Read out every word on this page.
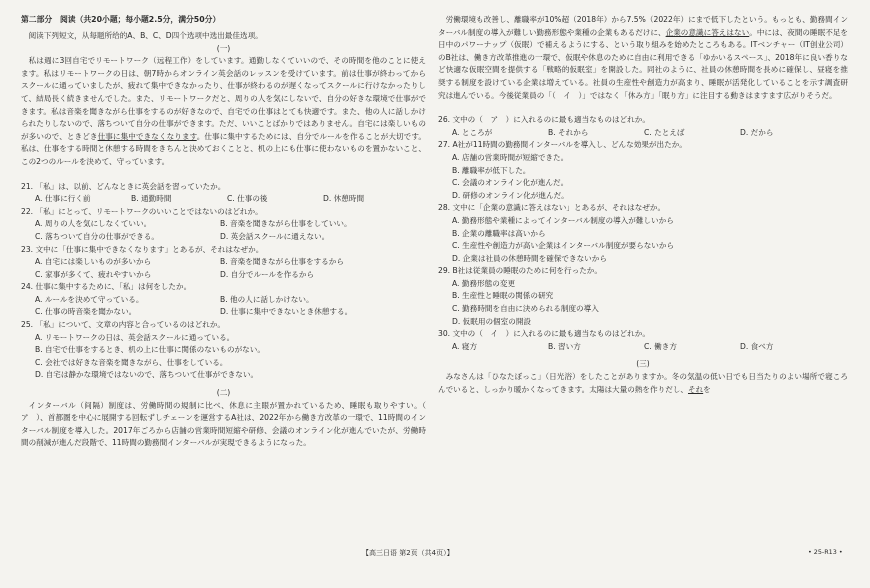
第二部分　阅读（共20小题；每小题2.5分，满分50分）

阅读下列短文，从每题所给的A、B、C、D四个选项中选出最佳选项。

(一)

私は週に3回自宅でリモートワーク（远程工作）をしています。通勤しなくていいので、その時間を他のことに使えます。私はリモートワークの日は、朝7時からオンライン英会話のレッスンを受けています。前は仕事が終わってからスクールに通っていましたが、疲れて集中できなかったり、仕事が終わるのが遅くなってスクールに行けなかったりして、結局長く続きませんでした。また、リモートワークだと、周りの人を気にしないで、自分の好きな環境で仕事ができます。私は音楽を聞きながら仕事をするのが好きなので、自宅での仕事はとても快適です。また、他の人に話しかけられたりしないので、落ちついて自分の仕事ができます。ただ、いいことばかりではありません。自宅には楽しいものが多いので、ときどき仕事に集中できなくなります。仕事に集中するためには、自分でルールを作ることが大切です。私は、仕事をする時間と休憩する時間をきちんと決めておくことと、机の上にも仕事に使わないものを置かないこと、この2つのルールを決めて、守っています。

21. 「私」は、以前、どんなときに英会話を習っていたか。

A. 仕事に行く前	B. 通勤時間	C. 仕事の後	D. 休憩時間

22. 「私」にとって、リモートワークのいいことではないのはどれか。

A. 周りの人を気にしなくていい。	B. 音楽を聞きながら仕事をしていい。
C. 落ちついて自分の仕事ができる。	D. 英会話スクールに通えない。

23. 文中に「仕事に集中できなくなります」とあるが、それはなぜか。

A. 自宅には楽しいものが多いから	B. 音楽を聞きながら仕事をするから
C. 家事が多くて、疲れやすいから	D. 自分でルールを作るから

24. 仕事に集中するために、「私」は何をしたか。

A. ルールを決めて守っている。	B. 他の人に話しかけない。
C. 仕事の時音楽を聞かない。	D. 仕事に集中できないとき休憩する。

25. 「私」について、文章の内容と合っているのはどれか。

A. リモートワークの日は、英会話スクールに通っている。

B. 自宅で仕事をするとき、机の上に仕事に関係のないものがない。

C. 会社では好きな音楽を聞きながら、仕事をしている。

D. 自宅は静かな環境ではないので、落ちついて仕事ができない。

(二)

インターバル（间隔）制度は、労働時間の規制に比べ、休息に主眼が置かれているため、睡眠も取りやすい。（　ア　）、首都圏を中心に展開する回転ずしチェーンを運営するA社は、2022年から働き方改革の一環で、11時間のインターバル制度を導入した。2017年ごろから店舗の営業時間短縮や研修、会議のオンライン化が進んでいたが、労働時間の削減が進んだ段階で、11時間の勤務間インターバルが実現できるようになった。

労働環境も改善し、離職率が10%超（2018年）から7.5%（2022年）にまで低下したという。もっとも、勤務間インターバル制度の導入が難しい勤務形態や業種の企業もあるだけに、企業の意識に答えはない。中には、夜間の睡眠不足を日中のパワーナップ（仮眠）で補えるようにする、という取り組みを始めたところもある。ITベンチャー（IT创业公司）のB社は、働き方改革推進の一環で、仮眠や休息のために自由に利用できる「ゆかいるスペース」、2018年に良い香りなど快適な仮眠空間を提供する「戦略的仮眠室」を開設した。同社のように、社員の休憩時間を長めに確保し、昼寝を推奨する制度を設けている企業は増えている。社員の生産性や創造力が高まり、睡眠が活発化していることを示す調査研究は進んでいる。今後従業員の「（　イ　）」ではなく「休み方」「眠り方」に注目する動きはますます広がりそうだ。

26. 文中の（　ア　）に入れるのに最も適当なものはどれか。

A. ところが	B. それから	C. たとえば	D. だから

27. A社が11時間の勤務間インターバルを導入し、どんな効果が出たか。

A. 店舗の営業時間が短縮できた。

B. 離職率が低下した。

C. 会議のオンライン化が進んだ。

D. 研修のオンライン化が進んだ。

28. 文中に「企業の意識に答えはない」とあるが、それはなぜか。

A. 勤務形態や業種によってインターバル制度の導入が難しいから

B. 企業の離職率は高いから

C. 生産性や創造力が高い企業はインターバル制度が要らないから

D. 企業は社員の休憩時間を確保できないから

29. B社は従業員の睡眠のために何を行ったか。

A. 勤務形態の変更

B. 生産性と睡眠の関係の研究

C. 勤務時間を自由に決められる制度の導入

D. 仮眠用の個室の開設

30. 文中の（　イ　）に入れるのに最も適当なものはどれか。

A. 寝方	B. 習い方	C. 働き方	D. 食べ方

(三)

みなさんは「ひなたぼっこ」（日光浴）をしたことがありますか。冬の気温の低い日でも日当たりのよい場所で寝ころんでいると、しっかり暖かくなってきます。太陽は大量の熱を作りだし、それを

【高三日语 第2页（共4页）】	• 25-R13 •
